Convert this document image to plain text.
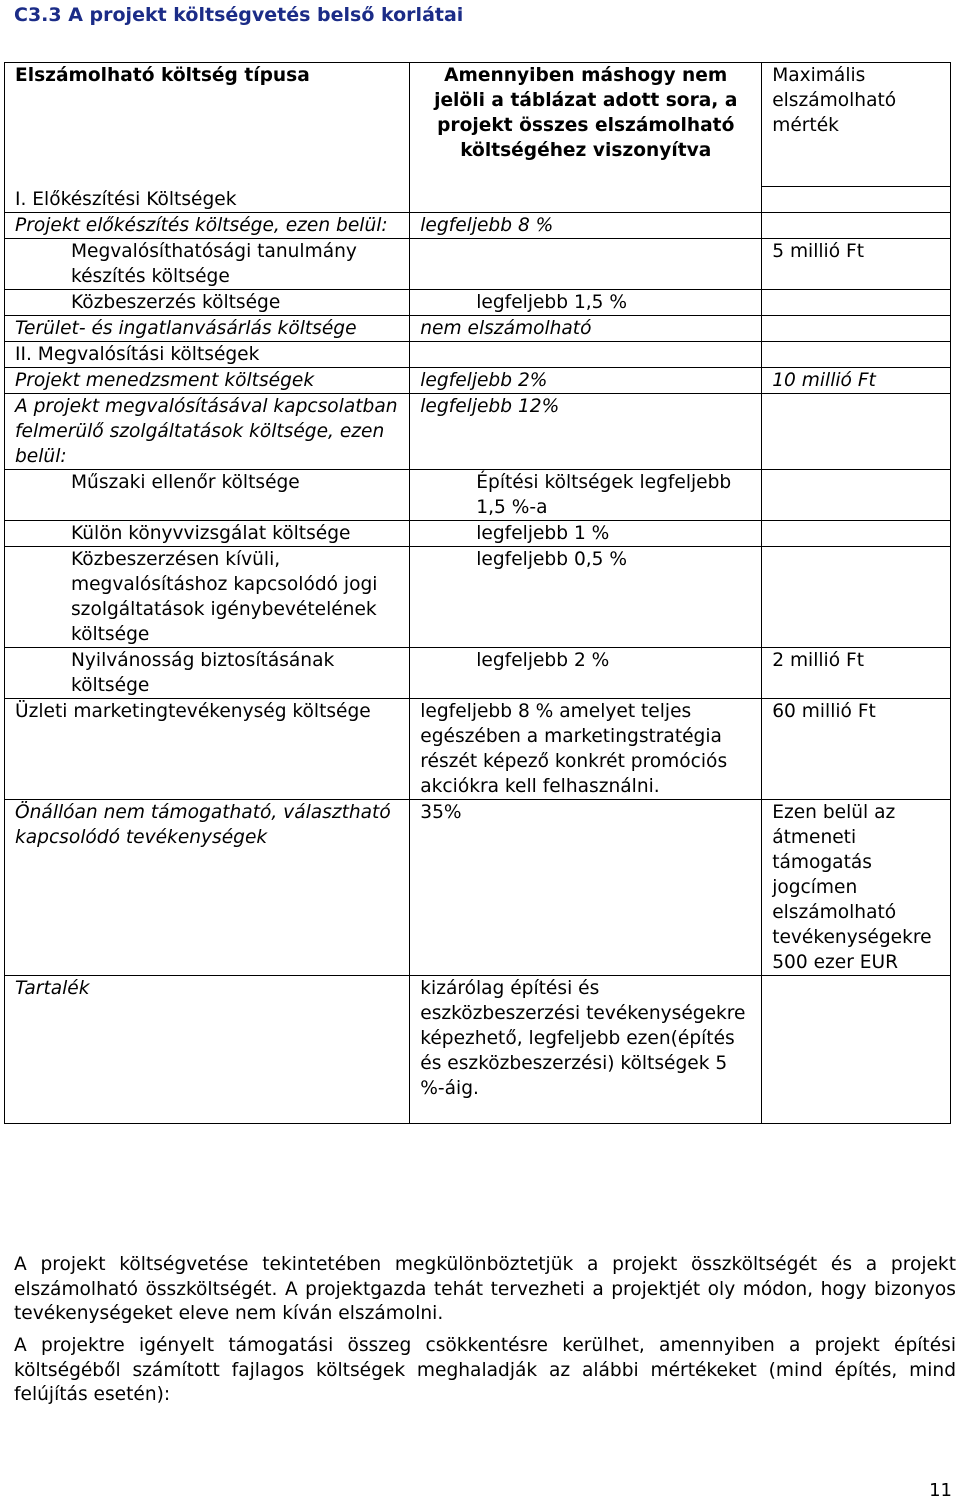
C3.3 A projekt költségvetés belső korlátai
Elszámolható költség típusa	Amennyiben máshogy nem jelöli a táblázat adott sora, a projekt összes elszámolható költségéhez viszonyítva	Maximális elszámolható mérték
I. Előkészítési Költségek		
Projekt előkészítés költsége, ezen belül:	legfeljebb 8 %	
Megvalósíthatósági tanulmány készítés költsége		5 millió Ft
Közbeszerzés költsége	legfeljebb 1,5 %	
Terület- és ingatlanvásárlás költsége	nem elszámolható	
II. Megvalósítási költségek		
Projekt menedzsment költségek	legfeljebb 2%	10 millió Ft
A projekt megvalósításával kapcsolatban felmerülő szolgáltatások költsége, ezen belül:	legfeljebb 12%	
Műszaki ellenőr költsége	Építési költségek legfeljebb 1,5 %-a	
Külön könyvvizsgálat költsége	legfeljebb 1 %	
Közbeszerzésen kívüli, megvalósításhoz kapcsolódó jogi szolgáltatások igénybevételének költsége	legfeljebb 0,5 %	
Nyilvánosság biztosításának költsége	legfeljebb 2 %	2 millió Ft
Üzleti marketingtevékenység költsége	legfeljebb 8 % amelyet teljes egészében a marketingstratégia részét képező konkrét promóciós akciókra kell felhasználni.	60 millió Ft
Önállóan nem támogatható, választható kapcsolódó tevékenységek	35%	Ezen belül az átmeneti támogatás jogcímen elszámolható tevékenységekre 500 ezer EUR
Tartalék	kizárólag építési és eszközbeszerzési tevékenységekre képezhető, legfeljebb ezen(építés és eszközbeszerzési) költségek 5 %-áig.	
A projekt költségvetése tekintetében megkülönböztetjük a projekt összköltségét és a projekt elszámolható összköltségét. A projektgazda tehát tervezheti a projektjét oly módon, hogy bizonyos tevékenységeket eleve nem kíván elszámolni.
A projektre igényelt támogatási összeg csökkentésre kerülhet, amennyiben a projekt építési költségéből számított fajlagos költségek meghaladják az alábbi mértékeket (mind építés, mind felújítás esetén):
11
